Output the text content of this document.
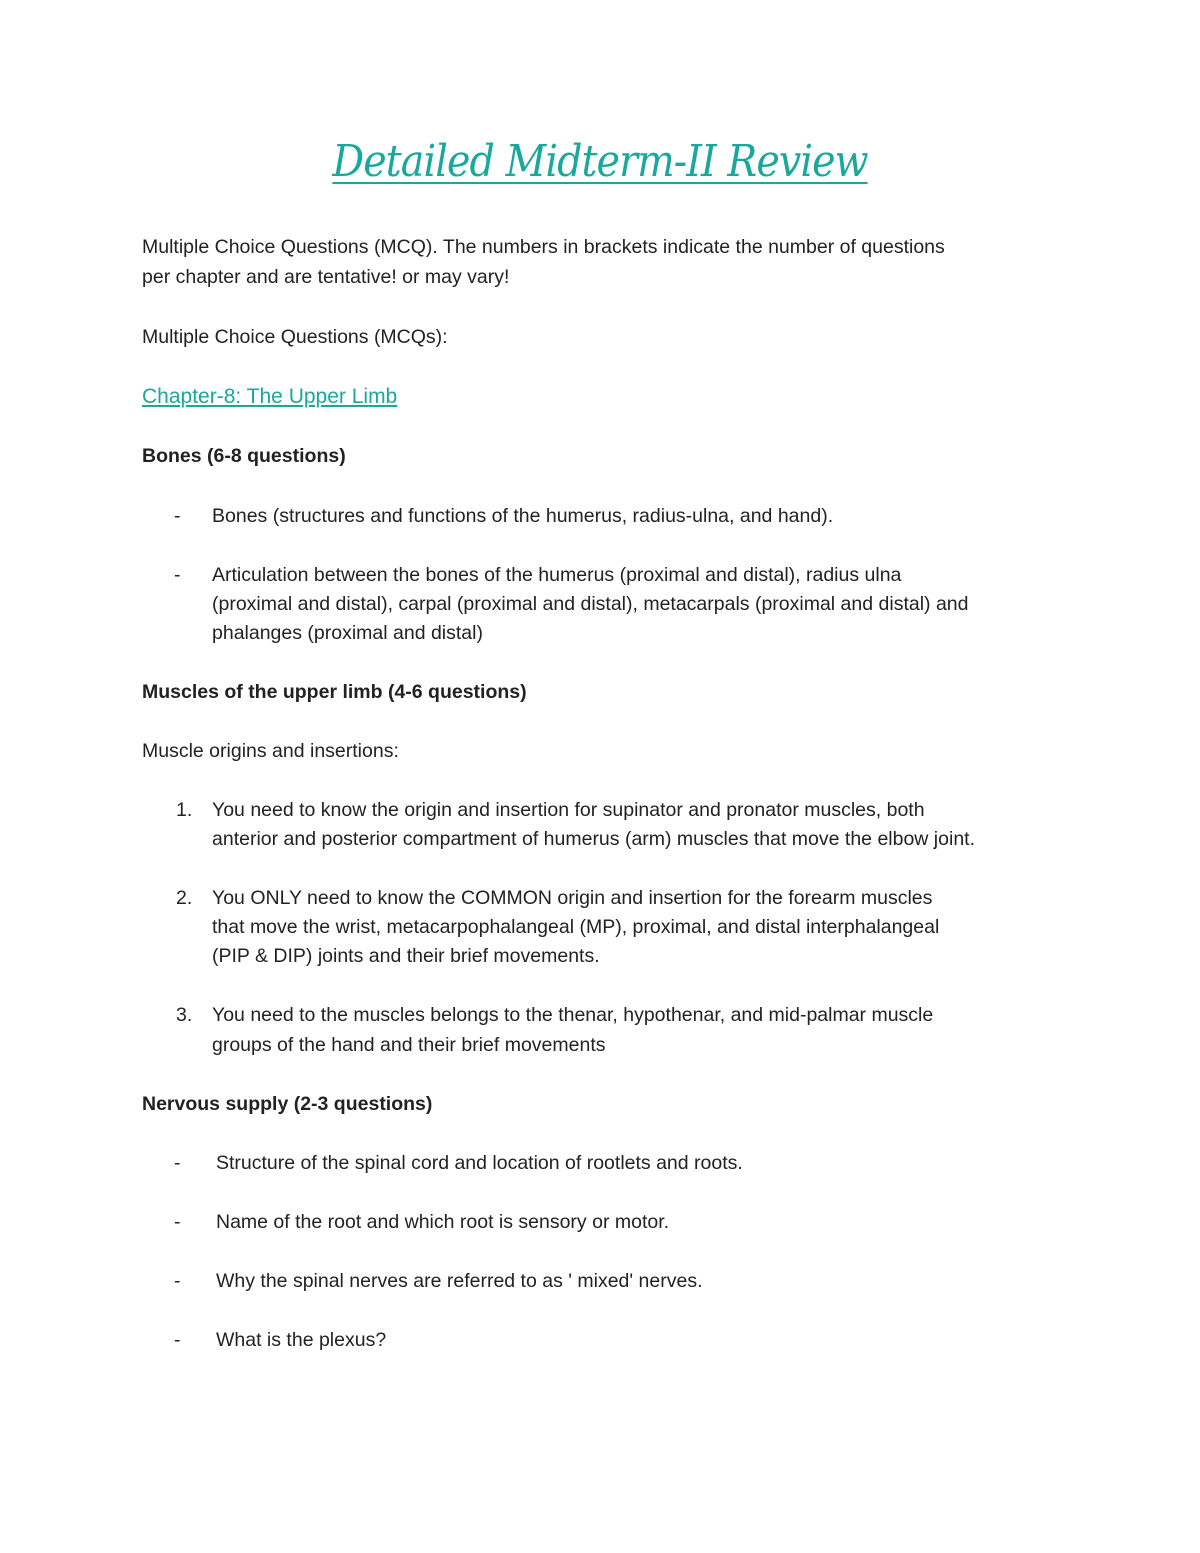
Detailed Midterm-II Review
Multiple Choice Questions (MCQ). The numbers in brackets indicate the number of questions
per chapter and are tentative! or may vary!
Multiple Choice Questions (MCQs):
Chapter-8: The Upper Limb
Bones (6-8 questions)
- Bones (structures and functions of the humerus, radius-ulna, and hand).
- Articulation between the bones of the humerus (proximal and distal), radius ulna
(proximal and distal), carpal (proximal and distal), metacarpals (proximal and distal) and
phalanges (proximal and distal)
Muscles of the upper limb (4-6 questions)
Muscle origins and insertions:
1. You need to know the origin and insertion for supinator and pronator muscles, both
anterior and posterior compartment of humerus (arm) muscles that move the elbow joint.
2. You ONLY need to know the COMMON origin and insertion for the forearm muscles
that move the wrist, metacarpophalangeal (MP), proximal, and distal interphalangeal
(PIP & DIP) joints and their brief movements.
3. You need to the muscles belongs to the thenar, hypothenar, and mid-palmar muscle
groups of the hand and their brief movements
Nervous supply (2-3 questions)
- Structure of the spinal cord and location of rootlets and roots.
- Name of the root and which root is sensory or motor.
- Why the spinal nerves are referred to as ' mixed' nerves.
- What is the plexus?
